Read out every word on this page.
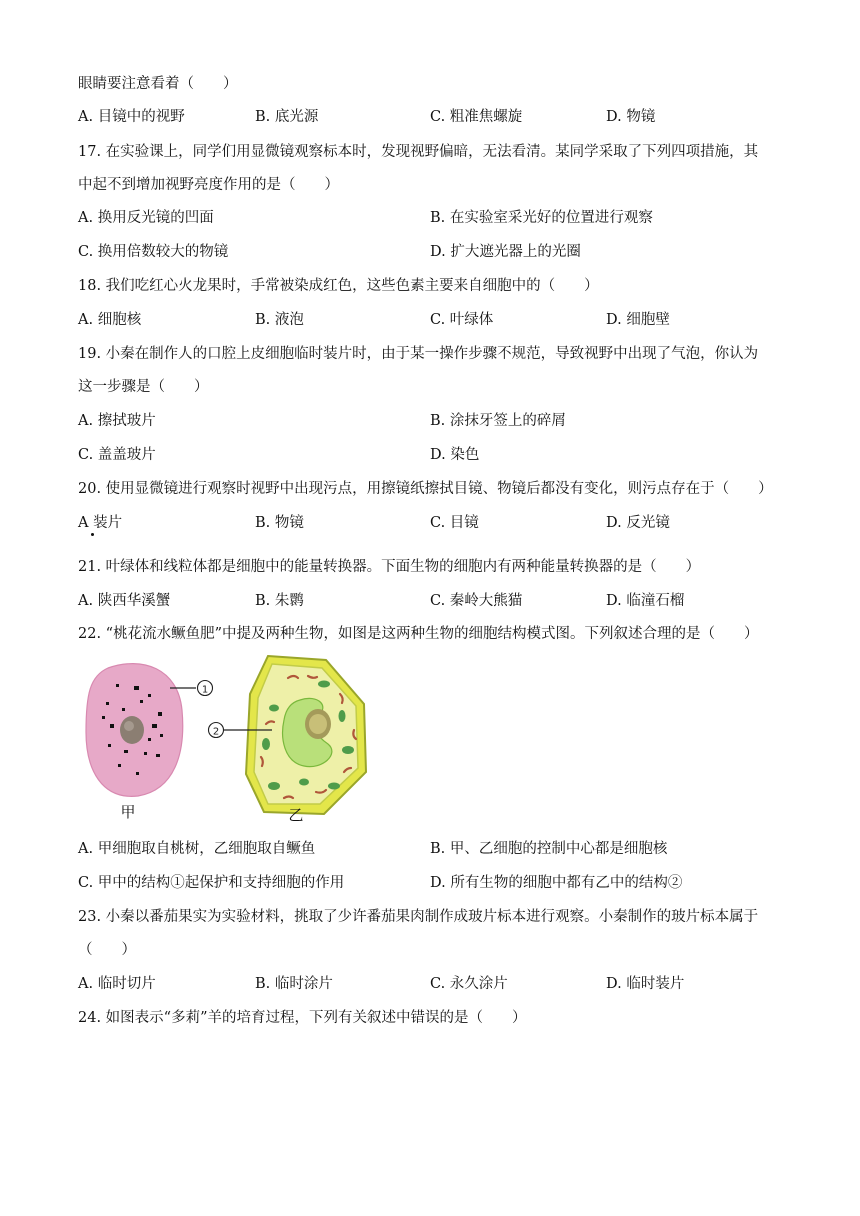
眼睛要注意看着（　　）
A. 目镜中的视野	B. 底光源	C. 粗准焦螺旋	D. 物镜
17. 在实验课上，同学们用显微镜观察标本时，发现视野偏暗，无法看清。某同学采取了下列四项措施，其
中起不到增加视野亮度作用的是（　　）
A. 换用反光镜的凹面	B. 在实验室采光好的位置进行观察
C. 换用倍数较大的物镜	D. 扩大遮光器上的光圈
18. 我们吃红心火龙果时，手常被染成红色，这些色素主要来自细胞中的（　　）
A. 细胞核	B. 液泡	C. 叶绿体	D. 细胞壁
19. 小秦在制作人的口腔上皮细胞临时装片时，由于某一操作步骤不规范，导致视野中出现了气泡，你认为
这一步骤是（　　）
A. 擦拭玻片	B. 涂抹牙签上的碎屑
C. 盖盖玻片	D. 染色
20. 使用显微镜进行观察时视野中出现污点，用擦镜纸擦拭目镜、物镜后都没有变化，则污点存在于（　　）
A 装片	B. 物镜	C. 目镜	D. 反光镜
21. 叶绿体和线粒体都是细胞中的能量转换器。下面生物的细胞内有两种能量转换器的是（　　）
A. 陕西华溪蟹	B. 朱鹮	C. 秦岭大熊猫	D. 临潼石榴
22. “桃花流水鳜鱼肥”中提及两种生物，如图是这两种生物的细胞结构模式图。下列叙述合理的是（　　）
1
甲
2
乙
A. 甲细胞取自桃树，乙细胞取自鳜鱼	B. 甲、乙细胞的控制中心都是细胞核
C. 甲中的结构①起保护和支持细胞的作用	D. 所有生物的细胞中都有乙中的结构②
23. 小秦以番茄果实为实验材料，挑取了少许番茄果肉制作成玻片标本进行观察。小秦制作的玻片标本属于
（　　）
A. 临时切片	B. 临时涂片	C. 永久涂片	D. 临时装片
24. 如图表示“多莉”羊的培育过程，下列有关叙述中错误的是（　　）
